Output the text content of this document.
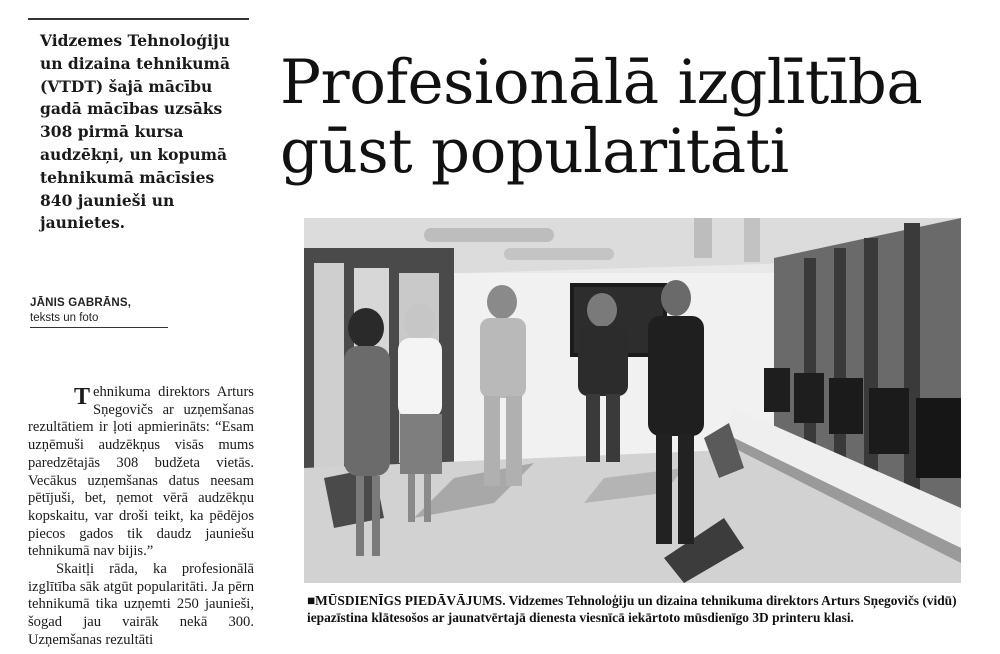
Vidzemes Tehnoloģiju un dizaina tehnikumā (VTDT) šajā mācību gadā mācības uzsāks 308 pirmā kursa audzēkņi, un kopumā tehnikumā mācīsies 840 jaunieši un jaunietes.

JĀNIS GABRĀNS,
teksts un foto

Tehnikuma direktors Arturs Sņegovičs ar uzņemšanas rezultātiem ir ļoti apmierināts: “Esam uzņēmuši audzēkņus visās mums paredzētajās 308 budžeta vietās. Vecākus uzņemšanas datus neesam pētījuši, bet, ņemot vērā audzēkņu kopskaitu, var droši teikt, ka pēdējos piecos gados tik daudz jauniešu tehnikumā nav bijis.”

Skaitļi rāda, ka profesionālā izglītība sāk atgūt popularitāti. Ja pērn tehnikumā tika uzņemti 250 jaunieši, šogad jau vairāk nekā 300. Uzņemšanas rezultāti

Profesionālā izglītība gūst popularitāti

■MŪSDIENĪGS PIEDĀVĀJUMS. Vidzemes Tehnoloģiju un dizaina tehnikuma direktors Arturs Sņegovičs (vidū) iepazīstina klātesošos ar jaunatvērtajā dienesta viesnīcā iekārtoto mūsdienīgo 3D printeru klasi.
